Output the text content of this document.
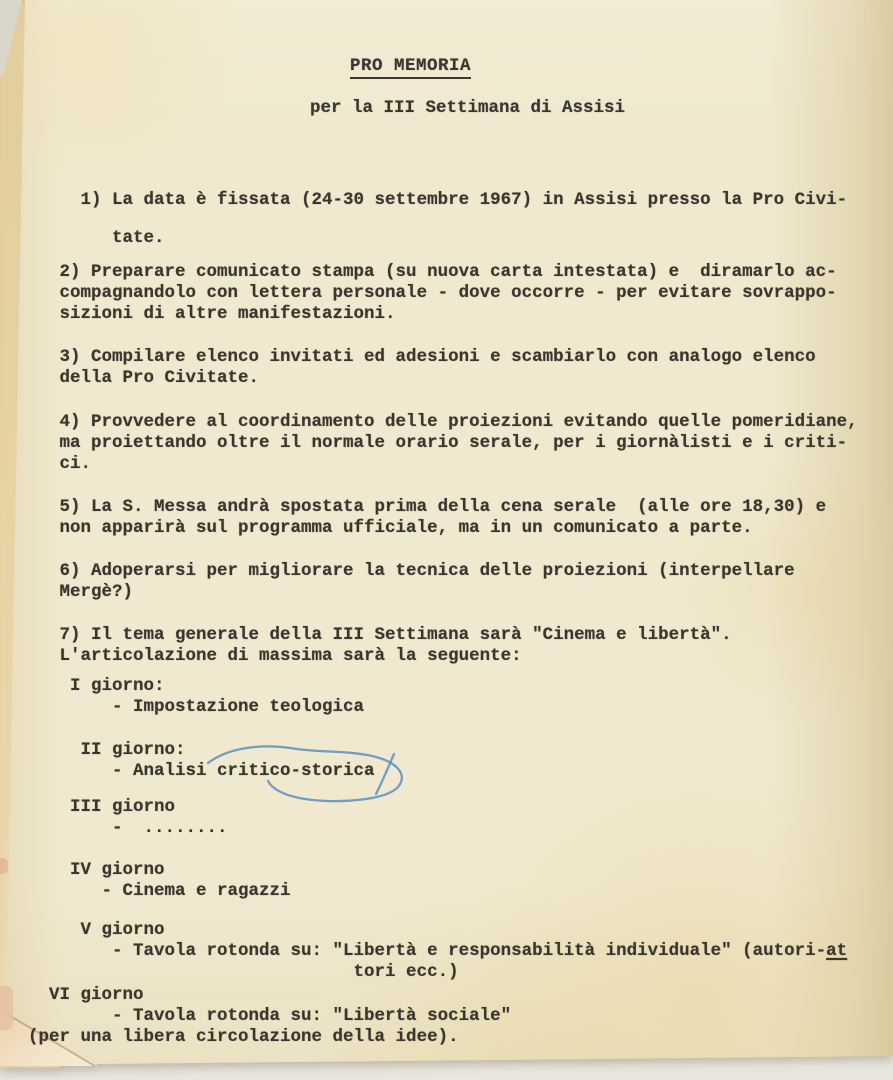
PRO MEMORIA
per la III Settimana di Assisi
1) La data è fissata (24-30 settembre 1967) in Assisi presso la Pro Civi-
tate.
2) Preparare comunicato stampa (su nuova carta intestata) e  diramarlo ac-
compagnandolo con lettera personale - dove occorre - per evitare sovrappo-
sizioni di altre manifestazioni.
3) Compilare elenco invitati ed adesioni e scambiarlo con analogo elenco
della Pro Civitate.
4) Provvedere al coordinamento delle proiezioni evitando quelle pomeridiane,
ma proiettando oltre il normale orario serale, per i giornàlisti e i criti-
ci.
5) La S. Messa andrà spostata prima della cena serale  (alle ore 18,30) e
non apparirà sul programma ufficiale, ma in un comunicato a parte.
6) Adoperarsi per migliorare la tecnica delle proiezioni (interpellare
Mergè?)
7) Il tema generale della III Settimana sarà "Cinema e libertà".
L'articolazione di massima sarà la seguente:
I giorno:
- Impostazione teologica
II giorno:
- Analisi critico-storica
III giorno
-  ........
IV giorno
- Cinema e ragazzi
V giorno
- Tavola rotonda su: "Libertà e responsabilità individuale" (autori-at
tori ecc.)
VI giorno
- Tavola rotonda su: "Libertà sociale"
(per una libera circolazione della idee).
